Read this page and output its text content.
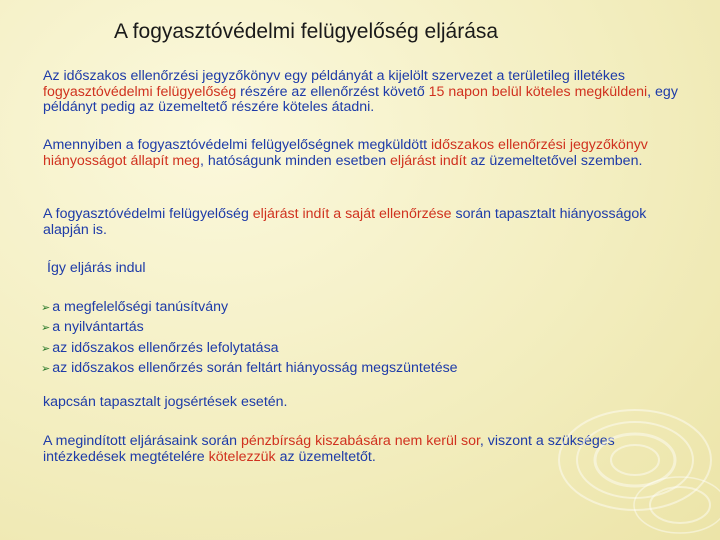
A fogyasztóvédelmi felügyelőség eljárása
Az időszakos ellenőrzési jegyzőkönyv egy példányát a kijelölt szervezet a területileg illetékes fogyasztóvédelmi felügyelőség részére az ellenőrzést követő 15 napon belül köteles megküldeni, egy példányt pedig az üzemeltető részére köteles átadni.
Amennyiben a fogyasztóvédelmi felügyelőségnek megküldött időszakos ellenőrzési jegyzőkönyv hiányosságot állapít meg, hatóságunk minden esetben eljárást indít az üzemeltetővel szemben.
A fogyasztóvédelmi felügyelőség eljárást indít a saját ellenőrzése során tapasztalt hiányosságok alapján is.
Így eljárás indul
➢ a megfelelőségi tanúsítvány
➢ a nyilvántartás
➢ az időszakos ellenőrzés lefolytatása
➢ az időszakos ellenőrzés során feltárt hiányosság megszüntetése
kapcsán tapasztalt jogsértések esetén.
A megindított eljárásaink során pénzbírság kiszabására nem kerül sor, viszont a szükséges intézkedések megtételére kötelezzük az üzemeltetőt.
